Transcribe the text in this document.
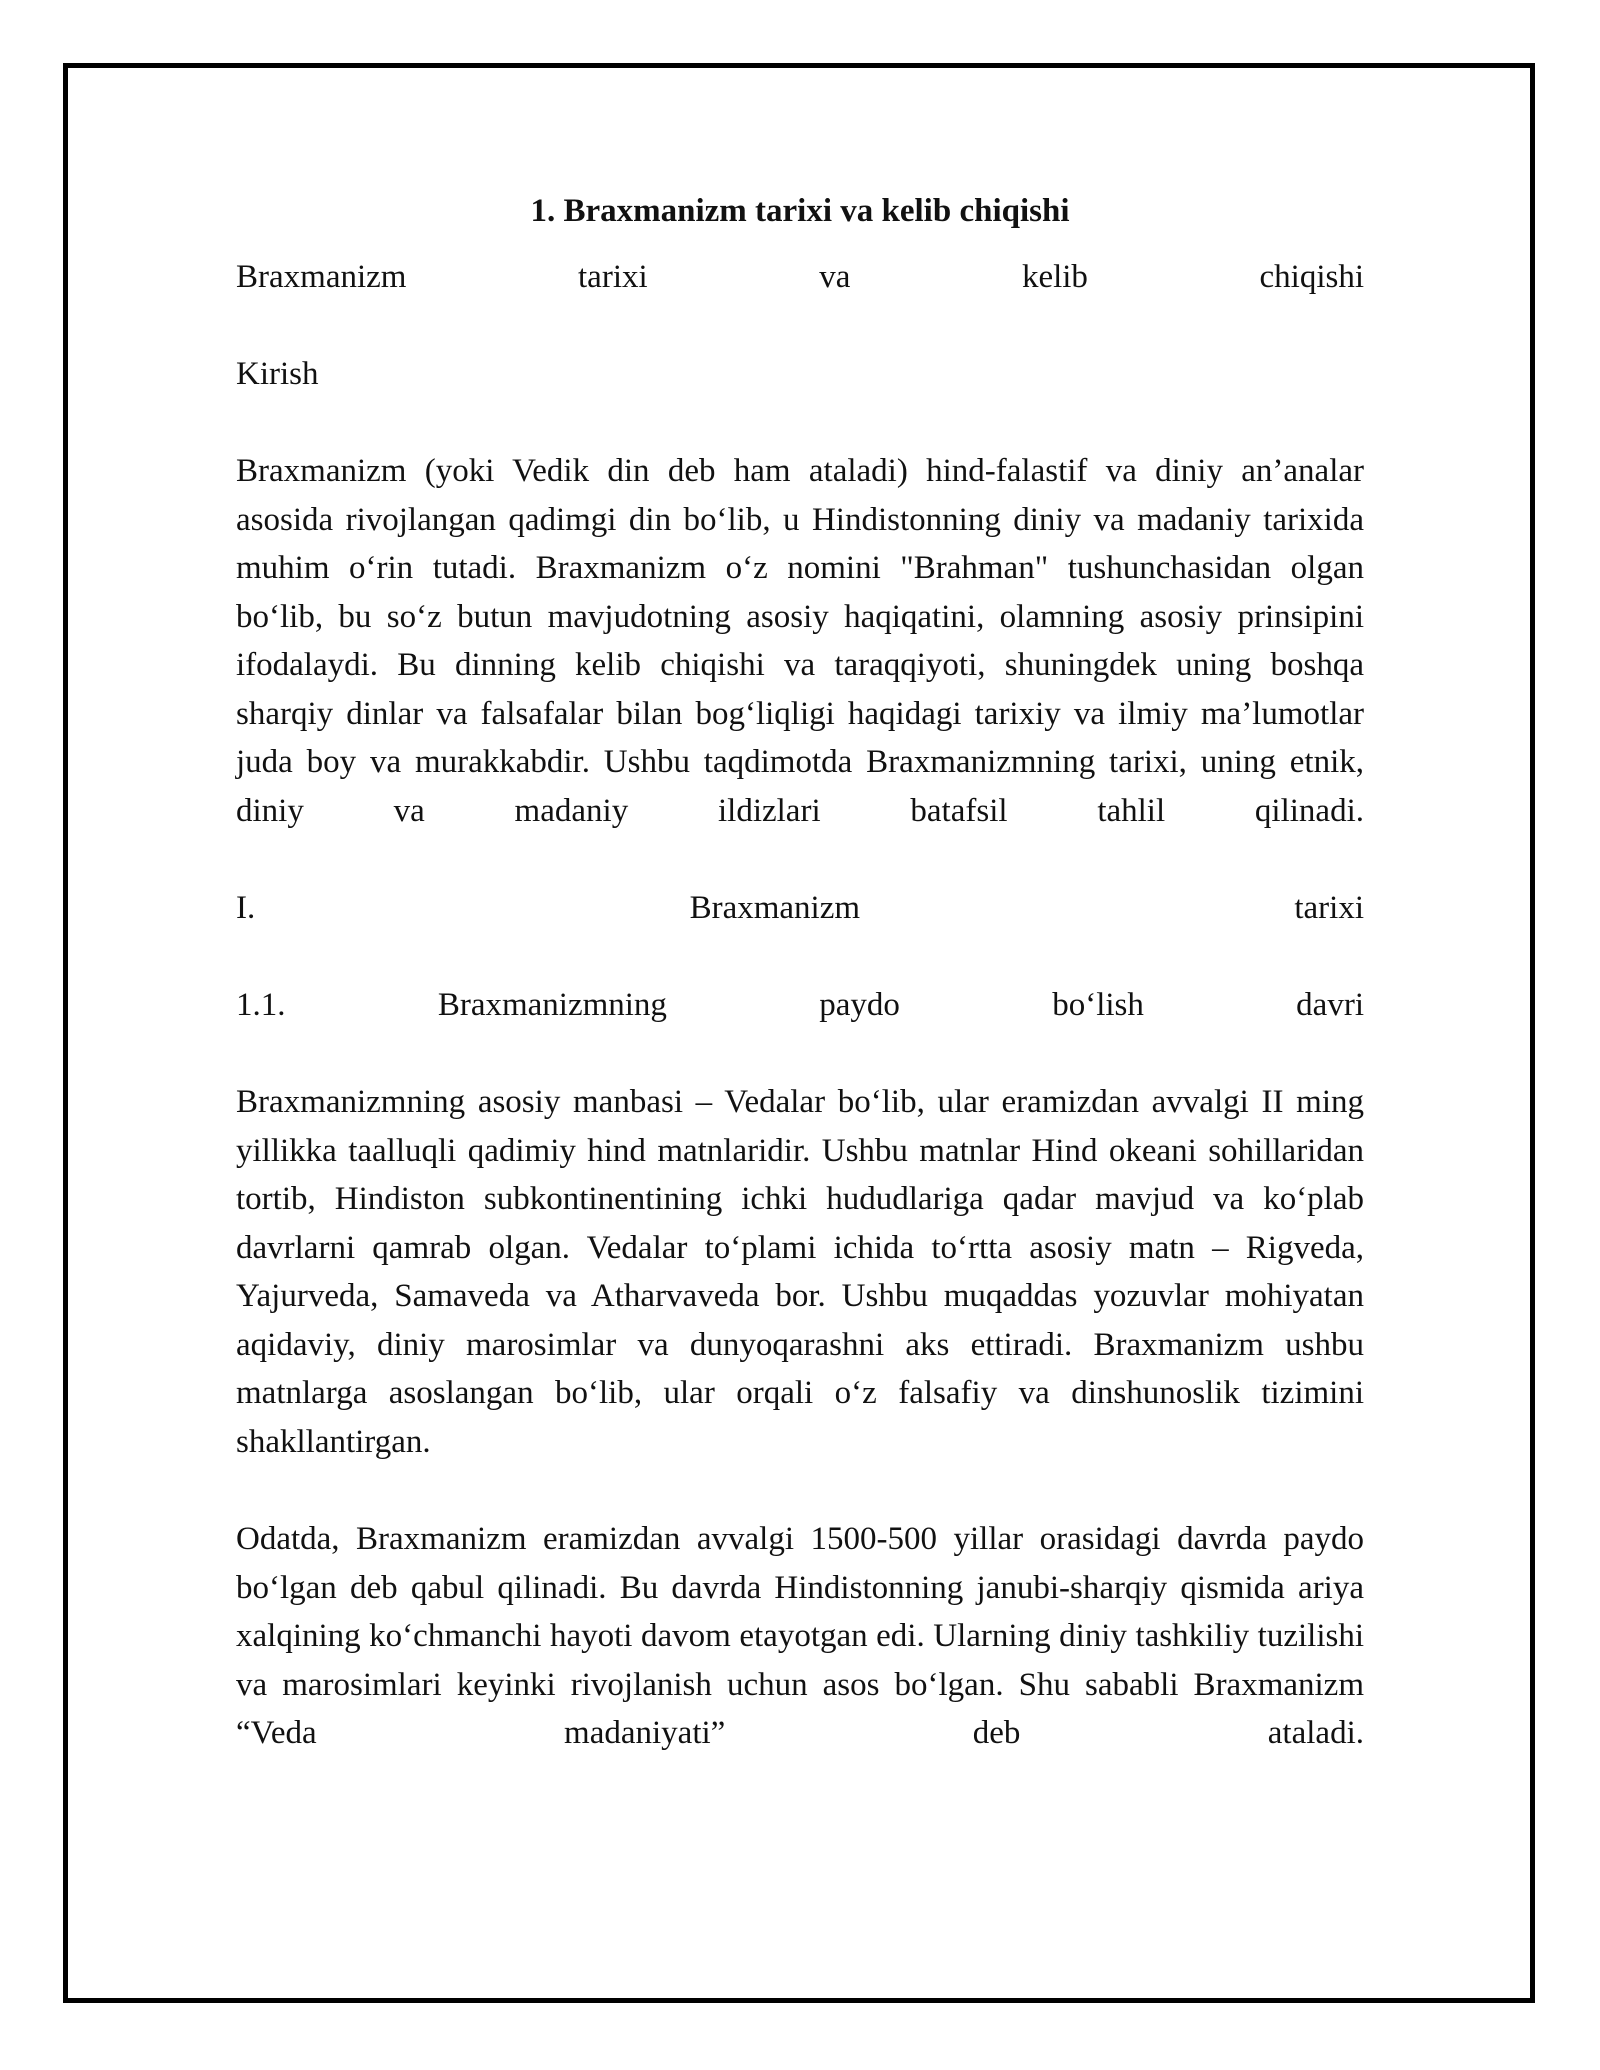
1. Braxmanizm tarixi va kelib chiqishi
Braxmanizm tarixi va kelib chiqishi
Kirish
Braxmanizm (yoki Vedik din deb ham ataladi) hind-falastif va diniy an’analar asosida rivojlangan qadimgi din bo‘lib, u Hindistonning diniy va madaniy tarixida muhim o‘rin tutadi. Braxmanizm o‘z nomini "Brahman" tushunchasidan olgan bo‘lib, bu so‘z butun mavjudotning asosiy haqiqatini, olamning asosiy prinsipini ifodalaydi. Bu dinning kelib chiqishi va taraqqiyoti, shuningdek uning boshqa sharqiy dinlar va falsafalar bilan bog‘liqligi haqidagi tarixiy va ilmiy ma’lumotlar juda boy va murakkabdir. Ushbu taqdimotda Braxmanizmning tarixi, uning etnik, diniy va madaniy ildizlari batafsil tahlil qilinadi.
I. Braxmanizm tarixi
1.1. Braxmanizmning paydo bo‘lish davri
Braxmanizmning asosiy manbasi – Vedalar bo‘lib, ular eramizdan avvalgi II ming yillikka taalluqli qadimiy hind matnlaridir. Ushbu matnlar Hind okeani sohillaridan tortib, Hindiston subkontinentining ichki hududlariga qadar mavjud va ko‘plab davrlarni qamrab olgan. Vedalar to‘plami ichida to‘rtta asosiy matn – Rigveda, Yajurveda, Samaveda va Atharvaveda bor. Ushbu muqaddas yozuvlar mohiyatan aqidaviy, diniy marosimlar va dunyoqarashni aks ettiradi. Braxmanizm ushbu matnlarga asoslangan bo‘lib, ular orqali o‘z falsafiy va dinshunoslik tizimini shakllantirgan.
Odatda, Braxmanizm eramizdan avvalgi 1500-500 yillar orasidagi davrda paydo bo‘lgan deb qabul qilinadi. Bu davrda Hindistonning janubi-sharqiy qismida ariya xalqining ko‘chmanchi hayoti davom etayotgan edi. Ularning diniy tashkiliy tuzilishi va marosimlari keyinki rivojlanish uchun asos bo‘lgan. Shu sababli Braxmanizm “Veda madaniyati” deb ataladi.
